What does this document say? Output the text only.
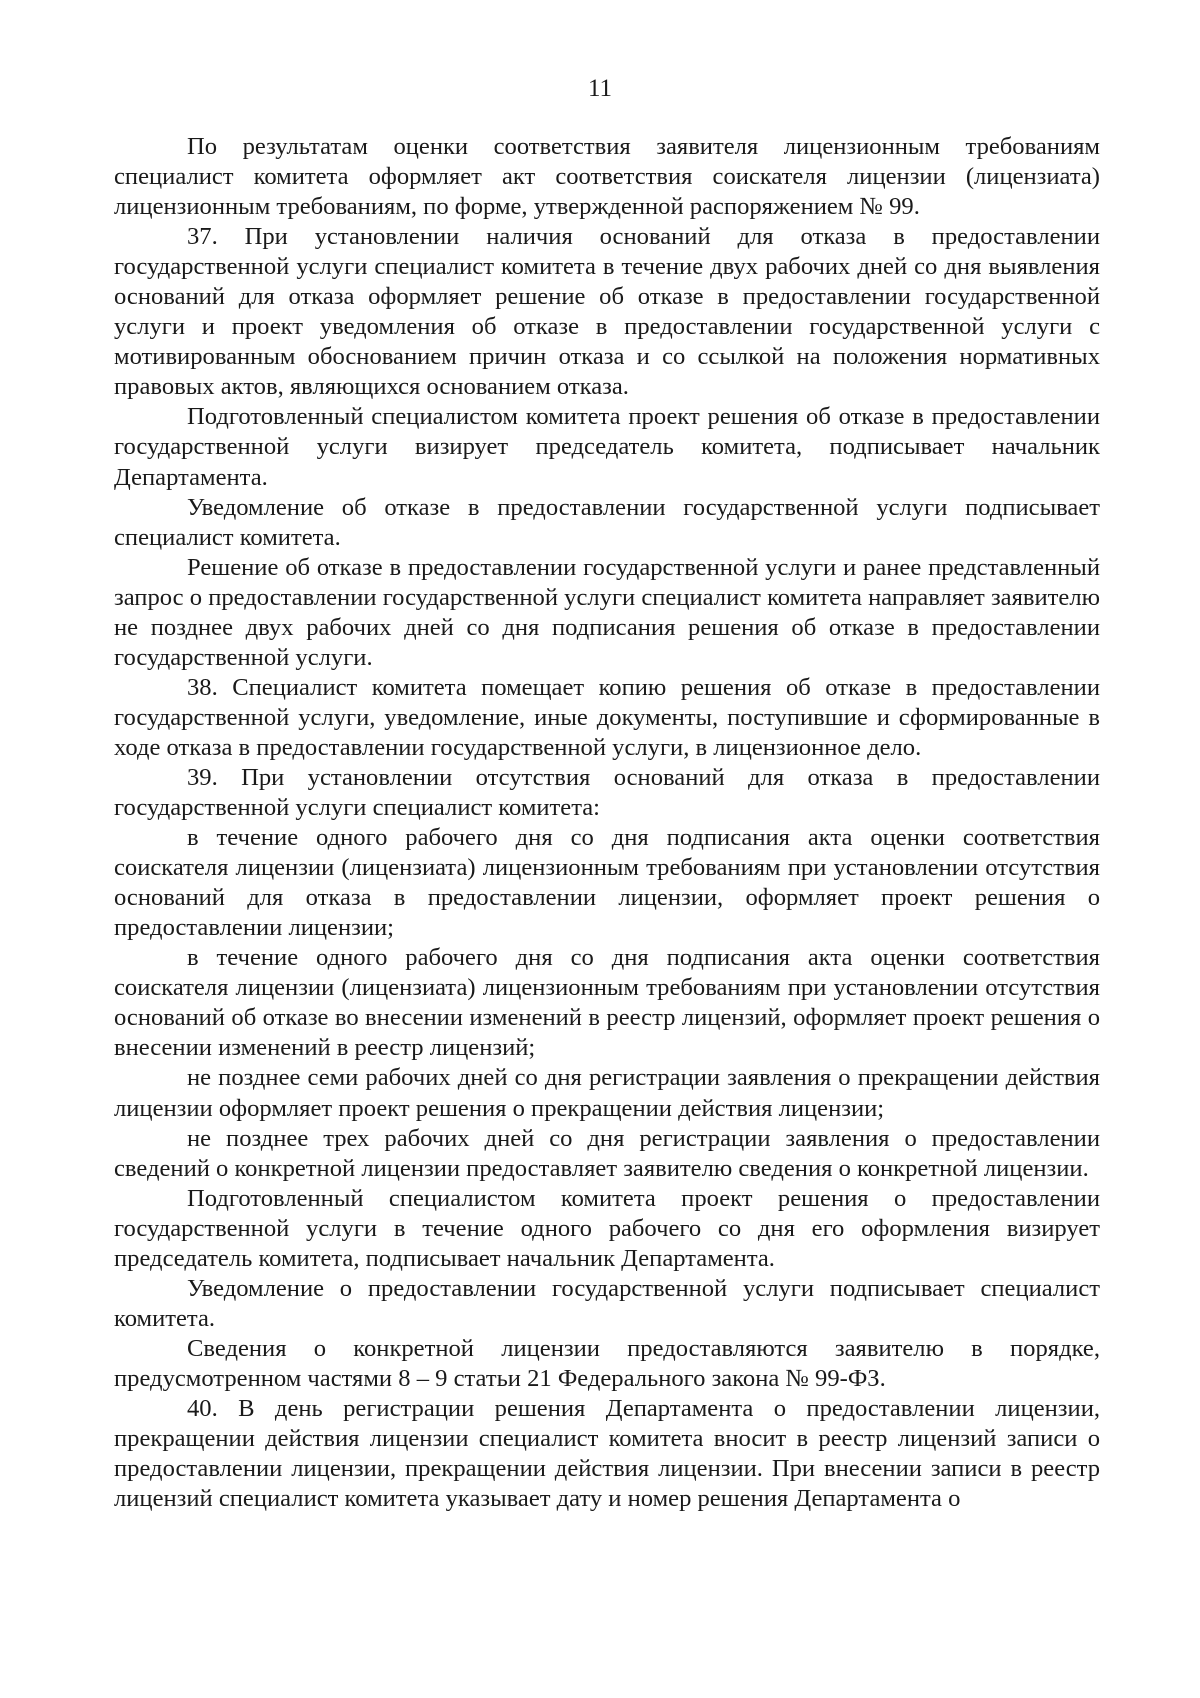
11

По результатам оценки соответствия заявителя лицензионным требованиям специалист комитета оформляет акт соответствия соискателя лицензии (лицензиата) лицензионным требованиям, по форме, утвержденной распоряжением № 99.

37. При установлении наличия оснований для отказа в предоставлении государственной услуги специалист комитета в течение двух рабочих дней со дня выявления оснований для отказа оформляет решение об отказе в предоставлении государственной услуги и проект уведомления об отказе в предоставлении государственной услуги с мотивированным обоснованием причин отказа и со ссылкой на положения нормативных правовых актов, являющихся основанием отказа.

Подготовленный специалистом комитета проект решения об отказе в предоставлении государственной услуги визирует председатель комитета, подписывает начальник Департамента.

Уведомление об отказе в предоставлении государственной услуги подписывает специалист комитета.

Решение об отказе в предоставлении государственной услуги и ранее представленный запрос о предоставлении государственной услуги специалист комитета направляет заявителю не позднее двух рабочих дней со дня подписания решения об отказе в предоставлении государственной услуги.

38. Специалист комитета помещает копию решения об отказе в предоставлении государственной услуги, уведомление, иные документы, поступившие и сформированные в ходе отказа в предоставлении государственной услуги, в лицензионное дело.

39. При установлении отсутствия оснований для отказа в предоставлении государственной услуги специалист комитета:

в течение одного рабочего дня со дня подписания акта оценки соответствия соискателя лицензии (лицензиата) лицензионным требованиям при установлении отсутствия оснований для отказа в предоставлении лицензии, оформляет проект решения о предоставлении лицензии;

в течение одного рабочего дня со дня подписания акта оценки соответствия соискателя лицензии (лицензиата) лицензионным требованиям при установлении отсутствия оснований об отказе во внесении изменений в реестр лицензий, оформляет проект решения о внесении изменений в реестр лицензий;

не позднее семи рабочих дней со дня регистрации заявления о прекращении действия лицензии оформляет проект решения о прекращении действия лицензии;

не позднее трех рабочих дней со дня регистрации заявления о предоставлении сведений о конкретной лицензии предоставляет заявителю сведения о конкретной лицензии.

Подготовленный специалистом комитета проект решения о предоставлении государственной услуги в течение одного рабочего со дня его оформления визирует председатель комитета, подписывает начальник Департамента.

Уведомление о предоставлении государственной услуги подписывает специалист комитета.

Сведения о конкретной лицензии предоставляются заявителю в порядке, предусмотренном частями 8 – 9 статьи 21 Федерального закона № 99-ФЗ.

40. В день регистрации решения Департамента о предоставлении лицензии, прекращении действия лицензии специалист комитета вносит в реестр лицензий записи о предоставлении лицензии, прекращении действия лицензии. При внесении записи в реестр лицензий специалист комитета указывает дату и номер решения Департамента о
